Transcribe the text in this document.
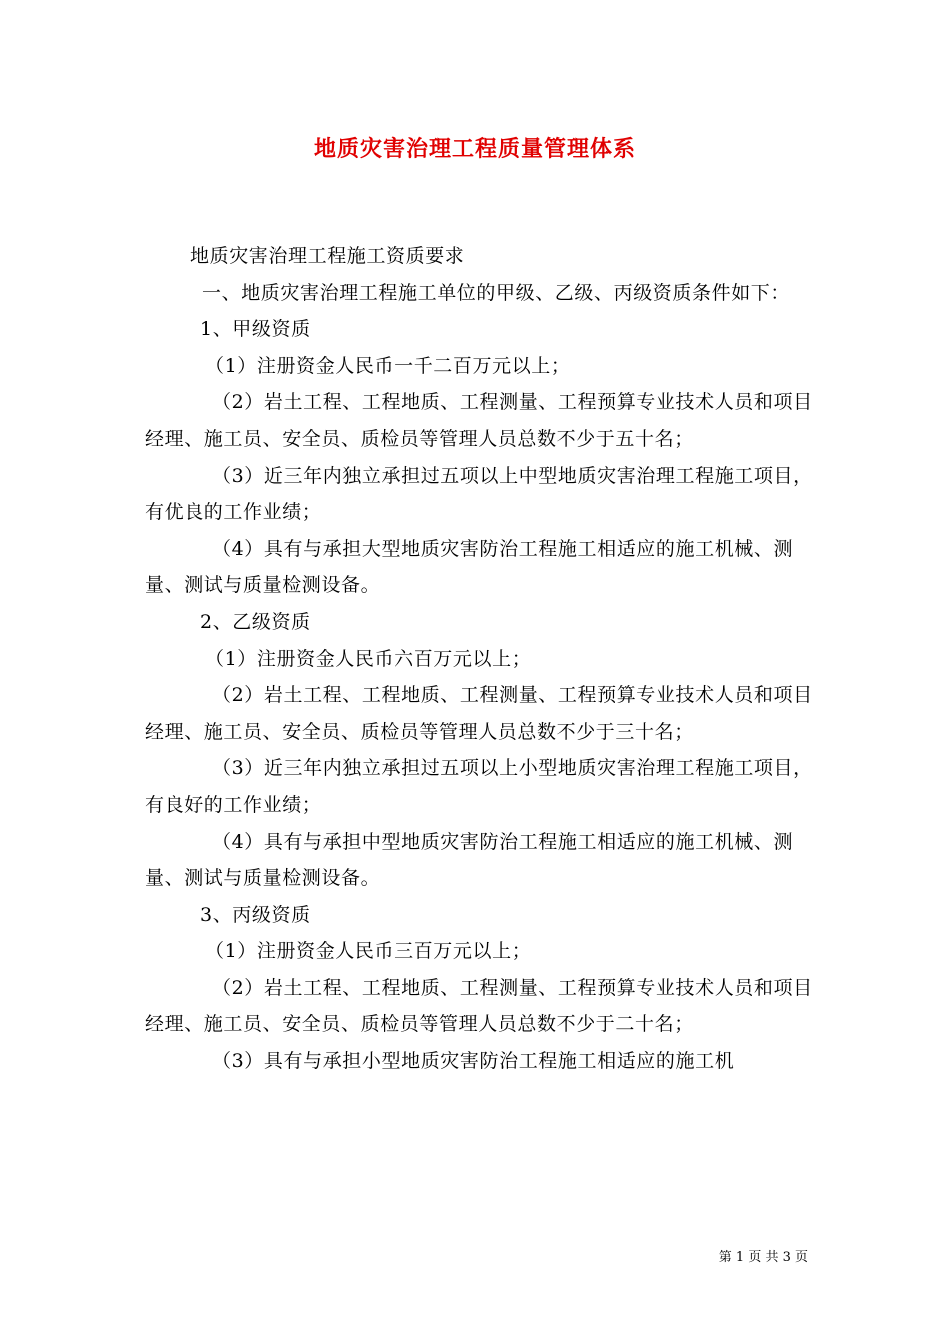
地质灾害治理工程质量管理体系

地质灾害治理工程施工资质要求

一、地质灾害治理工程施工单位的甲级、乙级、丙级资质条件如下：

1、甲级资质

（1）注册资金人民币一千二百万元以上；

（2）岩土工程、工程地质、工程测量、工程预算专业技术人员和项目经理、施工员、安全员、质检员等管理人员总数不少于五十名；

（3）近三年内独立承担过五项以上中型地质灾害治理工程施工项目，有优良的工作业绩；

（4）具有与承担大型地质灾害防治工程施工相适应的施工机械、测量、测试与质量检测设备。

2、乙级资质

（1）注册资金人民币六百万元以上；

（2）岩土工程、工程地质、工程测量、工程预算专业技术人员和项目经理、施工员、安全员、质检员等管理人员总数不少于三十名；

（3）近三年内独立承担过五项以上小型地质灾害治理工程施工项目，有良好的工作业绩；

（4）具有与承担中型地质灾害防治工程施工相适应的施工机械、测量、测试与质量检测设备。

3、丙级资质

（1）注册资金人民币三百万元以上；

（2）岩土工程、工程地质、工程测量、工程预算专业技术人员和项目经理、施工员、安全员、质检员等管理人员总数不少于二十名；

（3）具有与承担小型地质灾害防治工程施工相适应的施工机

第 1 页 共 3 页
